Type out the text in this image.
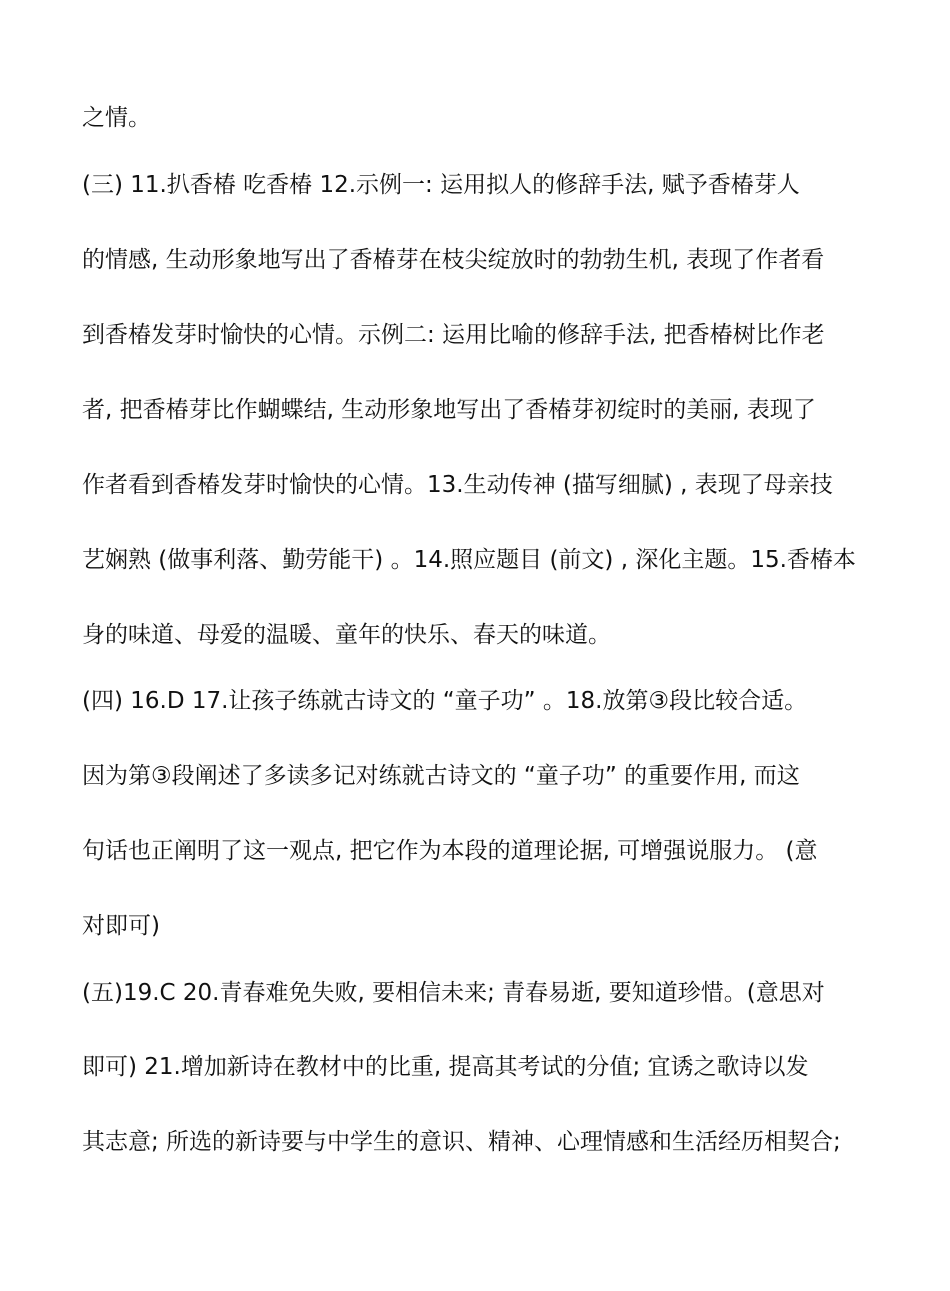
之情。
(三) 11.扒香椿 吃香椿 12.示例一: 运用拟人的修辞手法, 赋予香椿芽人
的情感, 生动形象地写出了香椿芽在枝尖绽放时的勃勃生机, 表现了作者看
到香椿发芽时愉快的心情。示例二: 运用比喻的修辞手法, 把香椿树比作老
者, 把香椿芽比作蝴蝶结, 生动形象地写出了香椿芽初绽时的美丽, 表现了
作者看到香椿发芽时愉快的心情。13.生动传神 (描写细腻) , 表现了母亲技
艺娴熟 (做事利落、勤劳能干) 。14.照应题目 (前文) , 深化主题。15.香椿本
身的味道、母爱的温暖、童年的快乐、春天的味道。
(四) 16.D 17.让孩子练就古诗文的 “童子功” 。18.放第③段比较合适。
因为第③段阐述了多读多记对练就古诗文的 “童子功” 的重要作用, 而这
句话也正阐明了这一观点, 把它作为本段的道理论据, 可增强说服力。 (意
对即可)
(五)19.C 20.青春难免失败, 要相信未来; 青春易逝, 要知道珍惜。(意思对
即可) 21.增加新诗在教材中的比重, 提高其考试的分值; 宜诱之歌诗以发
其志意; 所选的新诗要与中学生的意识、精神、心理情感和生活经历相契合;
